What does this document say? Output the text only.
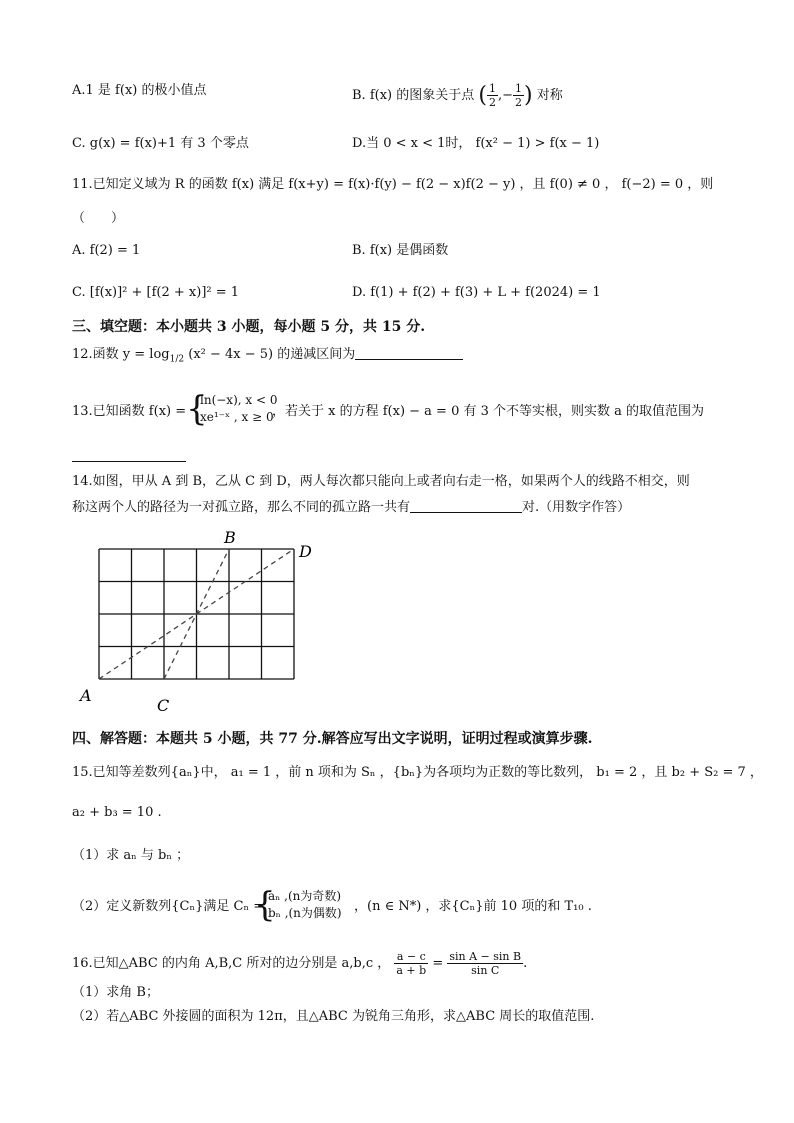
A.1 是 f(x) 的极小值点	B. f(x) 的图象关于点 ( $\frac{1}{2}$ ,− $\frac{1}{2}$ ) 对称
C. g(x) = f(x)+1 有 3 个零点	D.当 0 < x < 1时， f(x² − 1) > f(x − 1)
11.已知定义域为 R 的函数 f(x) 满足 f(x+y) = f(x)·f(y) − f(2 − x)f(2 − y) ，且 f(0) ≠ 0 ， f(−2) = 0 ，则
（　　）
A. f(2) = 1	B. f(x) 是偶函数
C. [f(x)]² + [f(2 + x)]² = 1	D. f(1) + f(2) + f(3) + L + f(2024) = 1
三、填空题：本小题共 3 小题，每小题 5 分，共 15 分.
12.函数 $y = \log_{1/2} (x^2 - 4x - 5)$ 的递减区间为
13.已知函数 f(x) = {
ln(−x), x < 0
xe¹⁻ˣ , x ≥ 0
，若关于 x 的方程 f(x) − a = 0 有 3 个不等实根，则实数 a 的取值范围为
14.如图，甲从 A 到 B，乙从 C 到 D，两人每次都只能向上或者向右走一格，如果两个人的线路不相交，则
称这两个人的路径为一对孤立路，那么不同的孤立路一共有	对.（用数字作答）
A
B
C
D
四、解答题：本题共 5 小题，共 77 分.解答应写出文字说明，证明过程或演算步骤.
15.已知等差数列{aₙ}中， a₁ = 1 ，前 n 项和为 Sₙ ，{bₙ}为各项均为正数的等比数列， b₁ = 2 ，且 b₂ + S₂ = 7 ，
a₂ + b₃ = 10 .
（1）求 aₙ 与 bₙ ；
（2）定义新数列{Cₙ}满足 Cₙ =
{
aₙ ,(n为奇数)
bₙ ,(n为偶数) ，(n ∈ N*) ，求{Cₙ}前 10 项的和 T₁₀ .
16.已知△ABC 的内角 A,B,C 所对的边分别是 a,b,c ， $\frac{a - c}{a + b} = \frac{\text{sin A − sin B}}{\text{sin C}}$ .
（1）求角 B；
（2）若△ABC 外接圆的面积为 12π，且△ABC 为锐角三角形，求△ABC 周长的取值范围.
